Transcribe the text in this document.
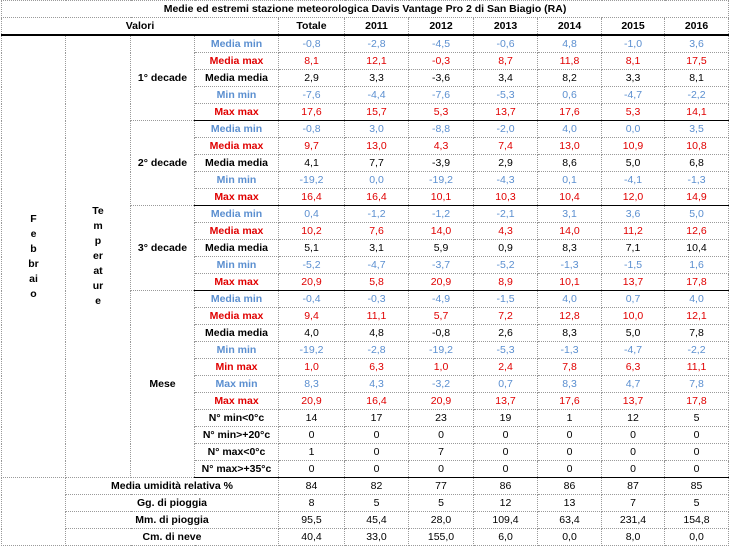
Medie ed estremi stazione meteorologica Davis Vantage Pro 2 di San Biagio (RA)										
Valori				Totale	2011	2012	2013	2014	2015	2016

Febbraio	Temperature	1° decade	Media min	-0,8	-2,8	-4,5	-0,6	4,8	-1,0	3,6
			Media max	8,1	12,1	-0,3	8,7	11,8	8,1	17,5
			Media media	2,9	3,3	-3,6	3,4	8,2	3,3	8,1
			Min min	-7,6	-4,4	-7,6	-5,3	0,6	-4,7	-2,2
			Max max	17,6	15,7	5,3	13,7	17,6	5,3	14,1
		2° decade	Media min	-0,8	3,0	-8,8	-2,0	4,0	0,0	3,5
			Media max	9,7	13,0	4,3	7,4	13,0	10,9	10,8
			Media media	4,1	7,7	-3,9	2,9	8,6	5,0	6,8
			Min min	-19,2	0,0	-19,2	-4,3	0,1	-4,1	-1,3
			Max max	16,4	16,4	10,1	10,3	10,4	12,0	14,9
		3° decade	Media min	0,4	-1,2	-1,2	-2,1	3,1	3,6	5,0
			Media max	10,2	7,6	14,0	4,3	14,0	11,2	12,6
			Media media	5,1	3,1	5,9	0,9	8,3	7,1	10,4
			Min min	-5,2	-4,7	-3,7	-5,2	-1,3	-1,5	1,6
			Max max	20,9	5,8	20,9	8,9	10,1	13,7	17,8
		Mese	Media min	-0,4	-0,3	-4,9	-1,5	4,0	0,7	4,0
			Media max	9,4	11,1	5,7	7,2	12,8	10,0	12,1
			Media media	4,0	4,8	-0,8	2,6	8,3	5,0	7,8
			Min min	-19,2	-2,8	-19,2	-5,3	-1,3	-4,7	-2,2
			Min max	1,0	6,3	1,0	2,4	7,8	6,3	11,1
			Max min	8,3	4,3	-3,2	0,7	8,3	4,7	7,8
			Max max	20,9	16,4	20,9	13,7	17,6	13,7	17,8
			N° min<0°c	14	17	23	19	1	12	5
			N° min>+20°c	0	0	0	0	0	0	0
			N° max<0°c	1	0	7	0	0	0	0
			N° max>+35°c	0	0	0	0	0	0	0
	Media umidità relativa %			84	82	77	86	86	87	85
	Gg. di pioggia			8	5	5	12	13	7	5
	Mm. di pioggia			95,5	45,4	28,0	109,4	63,4	231,4	154,8
	Cm. di neve			40,4	33,0	155,0	6,0	0,0	8,0	0,0
